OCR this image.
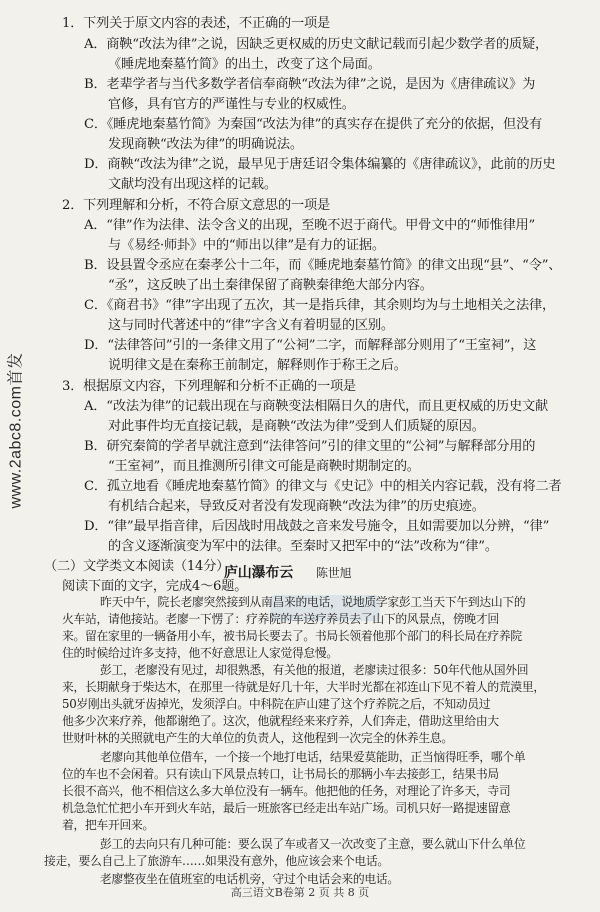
www.2abc8.com首发
1．下列关于原文内容的表述，不正确的一项是
A．商鞅“改法为律”之说，因缺乏更权威的历史文献记载而引起少数学者的质疑，
《睡虎地秦墓竹简》的出土，改变了这个局面。
B．老辈学者与当代多数学者信奉商鞅“改法为律”之说，是因为《唐律疏议》为
官修，具有官方的严谨性与专业的权威性。
C．《睡虎地秦墓竹简》为秦国“改法为律”的真实存在提供了充分的依据，但没有
发现商鞅“改法为律”的明确说法。
D．商鞅“改法为律”之说，最早见于唐廷诏令集体编纂的《唐律疏议》，此前的历史
文献均没有出现这样的记载。
2．下列理解和分析，不符合原文意思的一项是
A．“律”作为法律、法令含义的出现，至晚不迟于商代。甲骨文中的“师惟律用”
与《易经·师卦》中的“师出以律”是有力的证据。
B．设县置令丞应在秦孝公十二年，而《睡虎地秦墓竹简》的律文出现“县”、“令”、
“丞”，这反映了出土秦律保留了商鞅秦律绝大部分内容。
C．《商君书》“律”字出现了五次，其一是指兵律，其余则均为与土地相关之法律，
这与同时代著述中的“律”字含义有着明显的区别。
D．“法律答问”引的一条律文用了“公祠”二字，而解释部分则用了“王室祠”，这
说明律文是在秦称王前制定，解释则作于称王之后。
3．根据原文内容，下列理解和分析不正确的一项是
A．“改法为律”的记载出现在与商鞅变法相隔日久的唐代，而且更权威的历史文献
对此事件均无直接记载，是商鞅“改法为律”受到人们质疑的原因。
B．研究秦简的学者早就注意到“法律答问”引的律文里的“公祠”与解释部分用的
“王室祠”，而且推测所引律文可能是商鞅时期制定的。
C．孤立地看《睡虎地秦墓竹简》的律文与《史记》中的相关内容记载，没有将二者
有机结合起来，导致反对者没有发现商鞅“改法为律”的历史痕迹。
D．“律”最早指音律，后因战时用战鼓之音来发号施令，且如需要加以分辨，“律”
的含义逐渐演变为军中的法律。至秦时又把军中的“法”改称为“律”。
（二）文学类文本阅读（14分）
阅读下面的文字，完成4～6题。
昨天中午，院长老廖突然接到从南昌来的电话，说地质学家彭工当天下午到达山下的
火车站，请他接站。老廖一下愣了：疗养院的车送疗养员去了山下的风景点，傍晚才回
来。留在家里的一辆备用小车，被书局长要去了。书局长领着他那个部门的科长局在疗养院
住的时候给过许多支持，他不好意思让人家觉得怠慢。
彭工，老廖没有见过，却很熟悉，有关他的报道，老廖读过很多：50年代他从国外回
来，长期献身于柴达木，在那里一待就是好几十年，大半时光都在祁连山下见不着人的荒漠里，
50岁刚出头就牙齿掉光，发须浮白。中科院在庐山建了这个疗养院之后，不知动员过
他多少次来疗养，他都谢绝了。这次，他就程经来来疗养，人们奔走，借助这里给由大
世财叶林的关照就电产生的大单位的负责人，这他程到一次完全的休养生息。
老廖向其他单位借车，一个接一个地打电话，结果爱莫能助，正当恼得旺季，哪个单
位的车也不会闲着。只有读山下风景点转口，让书局长的那辆小车去接彭工，结果书局
长很不高兴，他不相信这么多大单位没有一辆车。他把他的任务，对理论了许多天，寺司
机急急忙忙把小车开到火车站，最后一班旅客已经走出车站广场。司机只好一路提速留意
着，把车开回来。
彭工的去向只有几种可能：要么误了车或者又一次改变了主意，要么就山下什么单位
接走，要么自己上了旅游车……如果没有意外，他应该会来个电话。
老廖整夜坐在值班室的电话机旁，守过个电话会来的电话。
庐山瀑布云 陈世旭
高三语文B卷第 2 页 共 8 页
